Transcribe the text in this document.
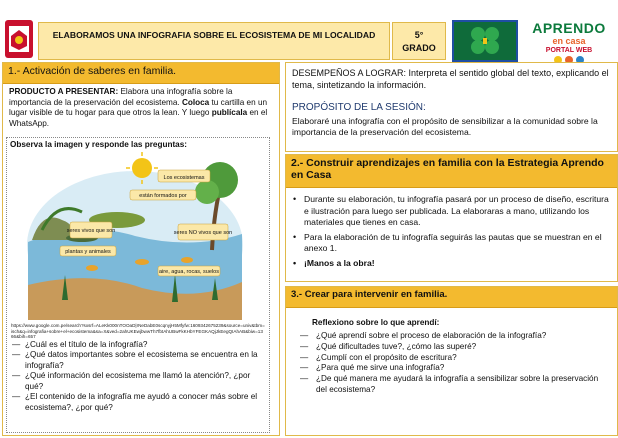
ELABORAMOS UNA INFOGRAFIA SOBRE EL ECOSISTEMA DE MI LOCALIDAD	5°
GRADO
APRENDO
en casa
PORTAL WEB
1.- Activación de saberes en familia.
PRODUCTO A PRESENTAR: Elabora una infografía sobre la importancia de la preservación del ecosistema. Coloca tu cartilla en un lugar visible de tu hogar para que otros la lean. Y luego publícala en el WhatsApp.
Observa la imagen y responde las preguntas:
https://www.google.com.pe/search?sxsrf=ALeKk000nTOOaD|rNeDabE0scqnyjH5Mfyfw:1609342675239&source=univ&tbm=isch&q=infografia+sobre+el+ecosistema&sa=X&ved=2ahUKEwjbwwTh7fbtAhUBwFkKHbYFEGKAQjJkEegQIAhAB&biw=1366&bih=657
— ¿Cuál es el título de la infografía?
— ¿Qué datos importantes sobre el ecosistema se encuentra en la infografía?
— ¿Qué información del ecosistema me llamó la atención?, ¿por qué?
— ¿El contenido de la infografía me ayudó a conocer más sobre el ecosistema?, ¿por qué?
Los ecosistemas
están formados por
seres vivos que son	seres NO vivos que son
plantas y animales
aire, agua, rocas, suelos

DESEMPEÑOS A LOGRAR: Interpreta el sentido global del texto, explicando el tema, sintetizando la información.

PROPÓSITO DE LA SESIÓN:

Elaboraré una infografía con el propósito de sensibilizar a la comunidad sobre la importancia de la preservación del ecosistema.

2.- Construir aprendizajes en familia con la Estrategia Aprendo en Casa
• Durante su elaboración, tu infografía pasará por un proceso de diseño, escritura e ilustración para luego ser publicada. La elaboraras a mano, utilizando los materiales que tienes en casa.
• Para la elaboración de tu infografía seguirás las pautas que se muestran en el anexo 1.
• ¡Manos a la obra!
3.- Crear para intervenir en familia.
Reflexiono sobre lo que aprendí:
— ¿Qué aprendí sobre el proceso de elaboración de la infografía?
— ¿Qué dificultades tuve?, ¿cómo las superé?
— ¿Cumplí con el propósito de escritura?
— ¿Para qué me sirve una infografía?
— ¿De qué manera me ayudará la infografía a sensibilizar sobre la preservación del ecosistema?
